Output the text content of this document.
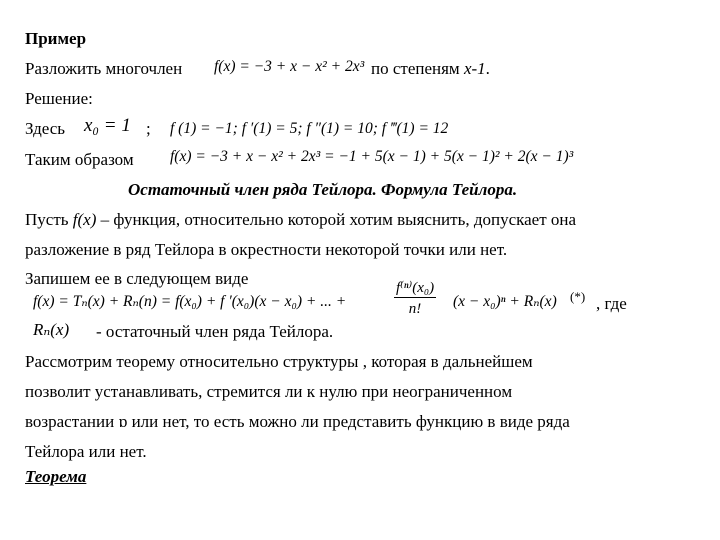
Пример
Разложить многочлен f(x) = −3 + x − x² + 2x³ по степеням x-1.
Решение:
Здесь x₀ = 1 ; f (1) = −1; f ′(1) = 5; f ″(1) = 10; f ‴(1) = 12
Таким образом f(x) = −3 + x − x² + 2x³ = −1 + 5(x − 1) + 5(x − 1)² + 2(x − 1)³
Остаточный член ряда Тейлора. Формула Тейлора.
Пусть f(x) – функция, относительно которой хотим выяснить, допускает она
разложение в ряд Тейлора в окрестности некоторой точки или нет.
Запишем ее в следующем виде
f(x) = Tₙ(x) + Rₙ(n) = f(x₀) + f ′(x₀)(x − x₀) + ... +
f⁽ⁿ⁾(x₀)
n!	(x − x₀)ⁿ + Rₙ(x) (*) , где
Rₙ(x) - остаточный член ряда Тейлора.
Рассмотрим теорему относительно структуры , которая в дальнейшем
позволит устанавливать, стремится ли к нулю при неограниченном
возрастании ɒ или нет, то есть можно ли представить функцию в виде ряда
Тейлора или нет.
Теорема
